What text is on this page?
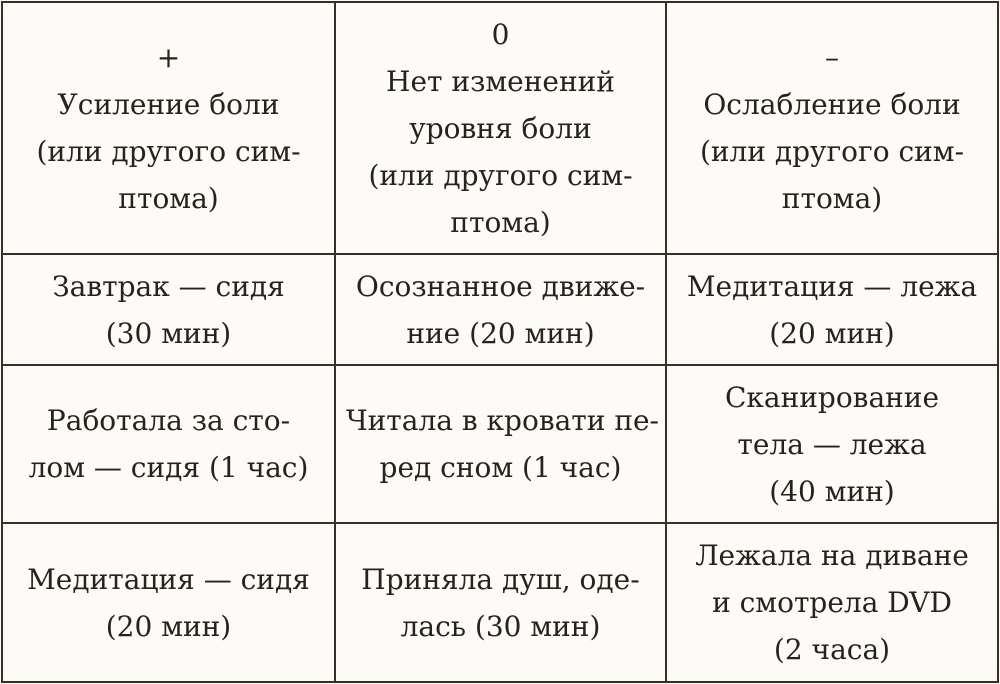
+
Усиление боли
(или другого сим-
птома)	0
Нет изменений
уровня боли
(или другого сим-
птома)	–
Ослабление боли
(или другого сим-
птома)

Завтрак — сидя
(30 мин)	Осознанное движе-
ние (20 мин)	Медитация — лежа
(20 мин)

Работала за сто-
лом — сидя (1 час)	Читала в кровати пе-
ред сном (1 час)	Сканирование
тела — лежа
(40 мин)

Медитация — сидя
(20 мин)	Приняла душ, оде-
лась (30 мин)	Лежала на диване
и смотрела DVD
(2 часа)
